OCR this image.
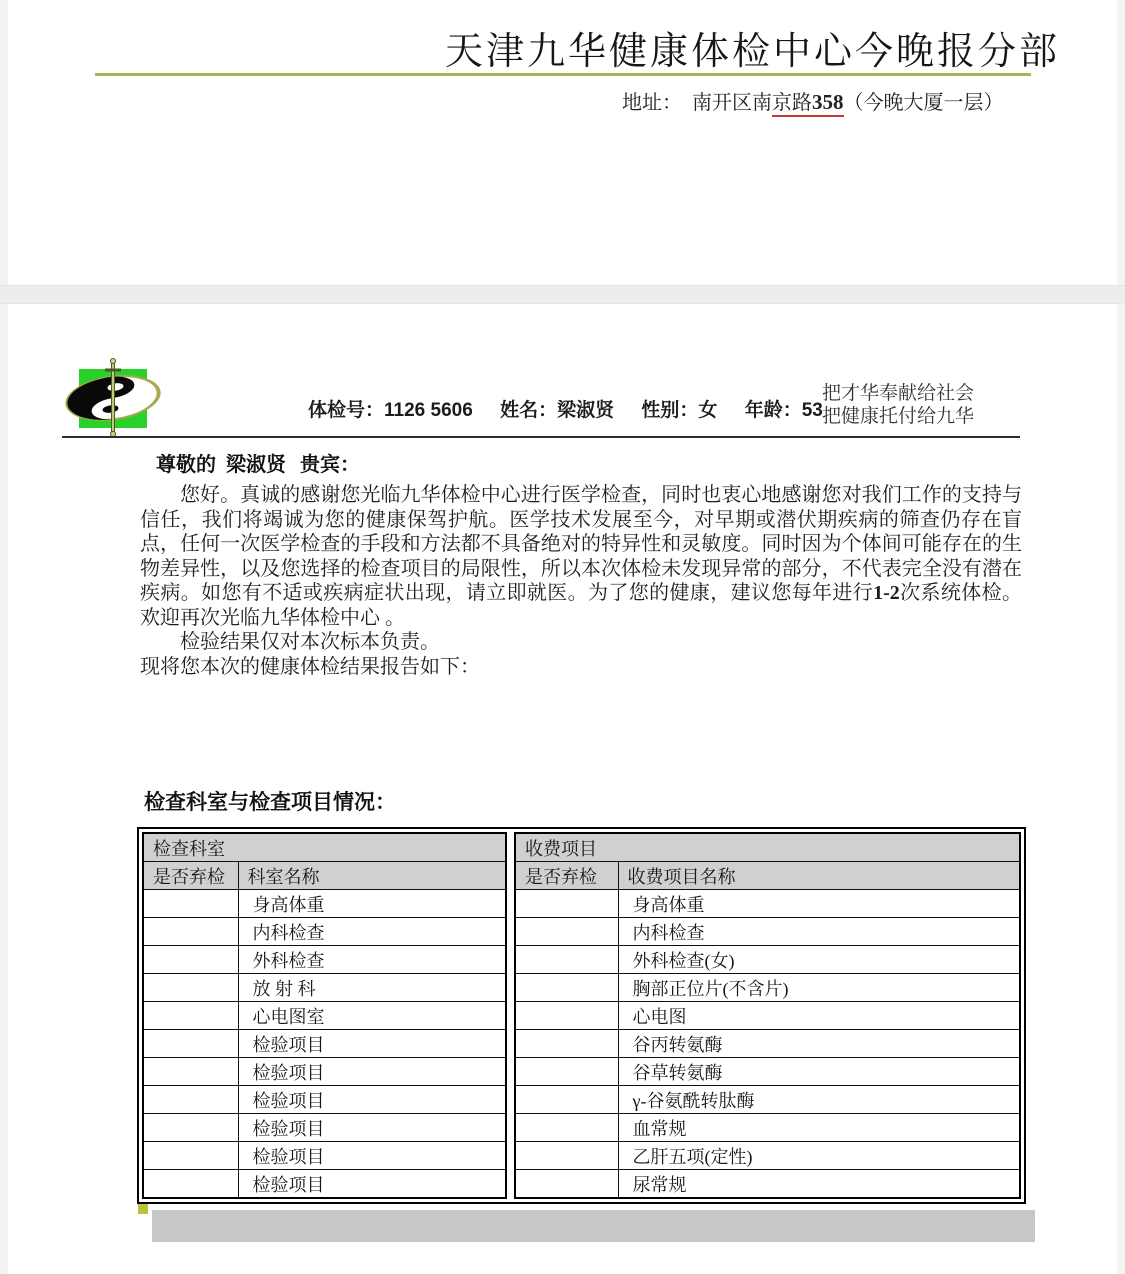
天津九华健康体检中心今晚报分部
地址： 南开区南京路358（今晚大厦一层）
体检号：1126 5606 姓名：梁淑贤 性别：女 年龄：53
把才华奉献给社会
把健康托付给九华
尊敬的 梁淑贤 贵宾：

您好。真诚的感谢您光临九华体检中心进行医学检查，同时也衷心地感谢您对我们工作的支持与信任，我们将竭诚为您的健康保驾护航。医学技术发展至今，对早期或潜伏期疾病的筛查仍存在盲点，任何一次医学检查的手段和方法都不具备绝对的特异性和灵敏度。同时因为个体间可能存在的生物差异性，以及您选择的检查项目的局限性，所以本次体检未发现异常的部分，不代表完全没有潜在疾病。如您有不适或疾病症状出现，请立即就医。为了您的健康，建议您每年进行1-2次系统体检。欢迎再次光临九华体检中心 。

检验结果仅对本次标本负责。

现将您本次的健康体检结果报告如下：

检查科室与检查项目情况：
检查科室	
是否弃检	科室名称
	身高体重
	内科检查
	外科检查
	放 射 科
	心电图室
	检验项目
	检验项目
	检验项目
	检验项目
	检验项目
	检验项目
收费项目	
是否弃检	收费项目名称
	身高体重
	内科检查
	外科检查(女)
	胸部正位片(不含片)
	心电图
	谷丙转氨酶
	谷草转氨酶
	γ-谷氨酰转肽酶
	血常规
	乙肝五项(定性)
	尿常规
